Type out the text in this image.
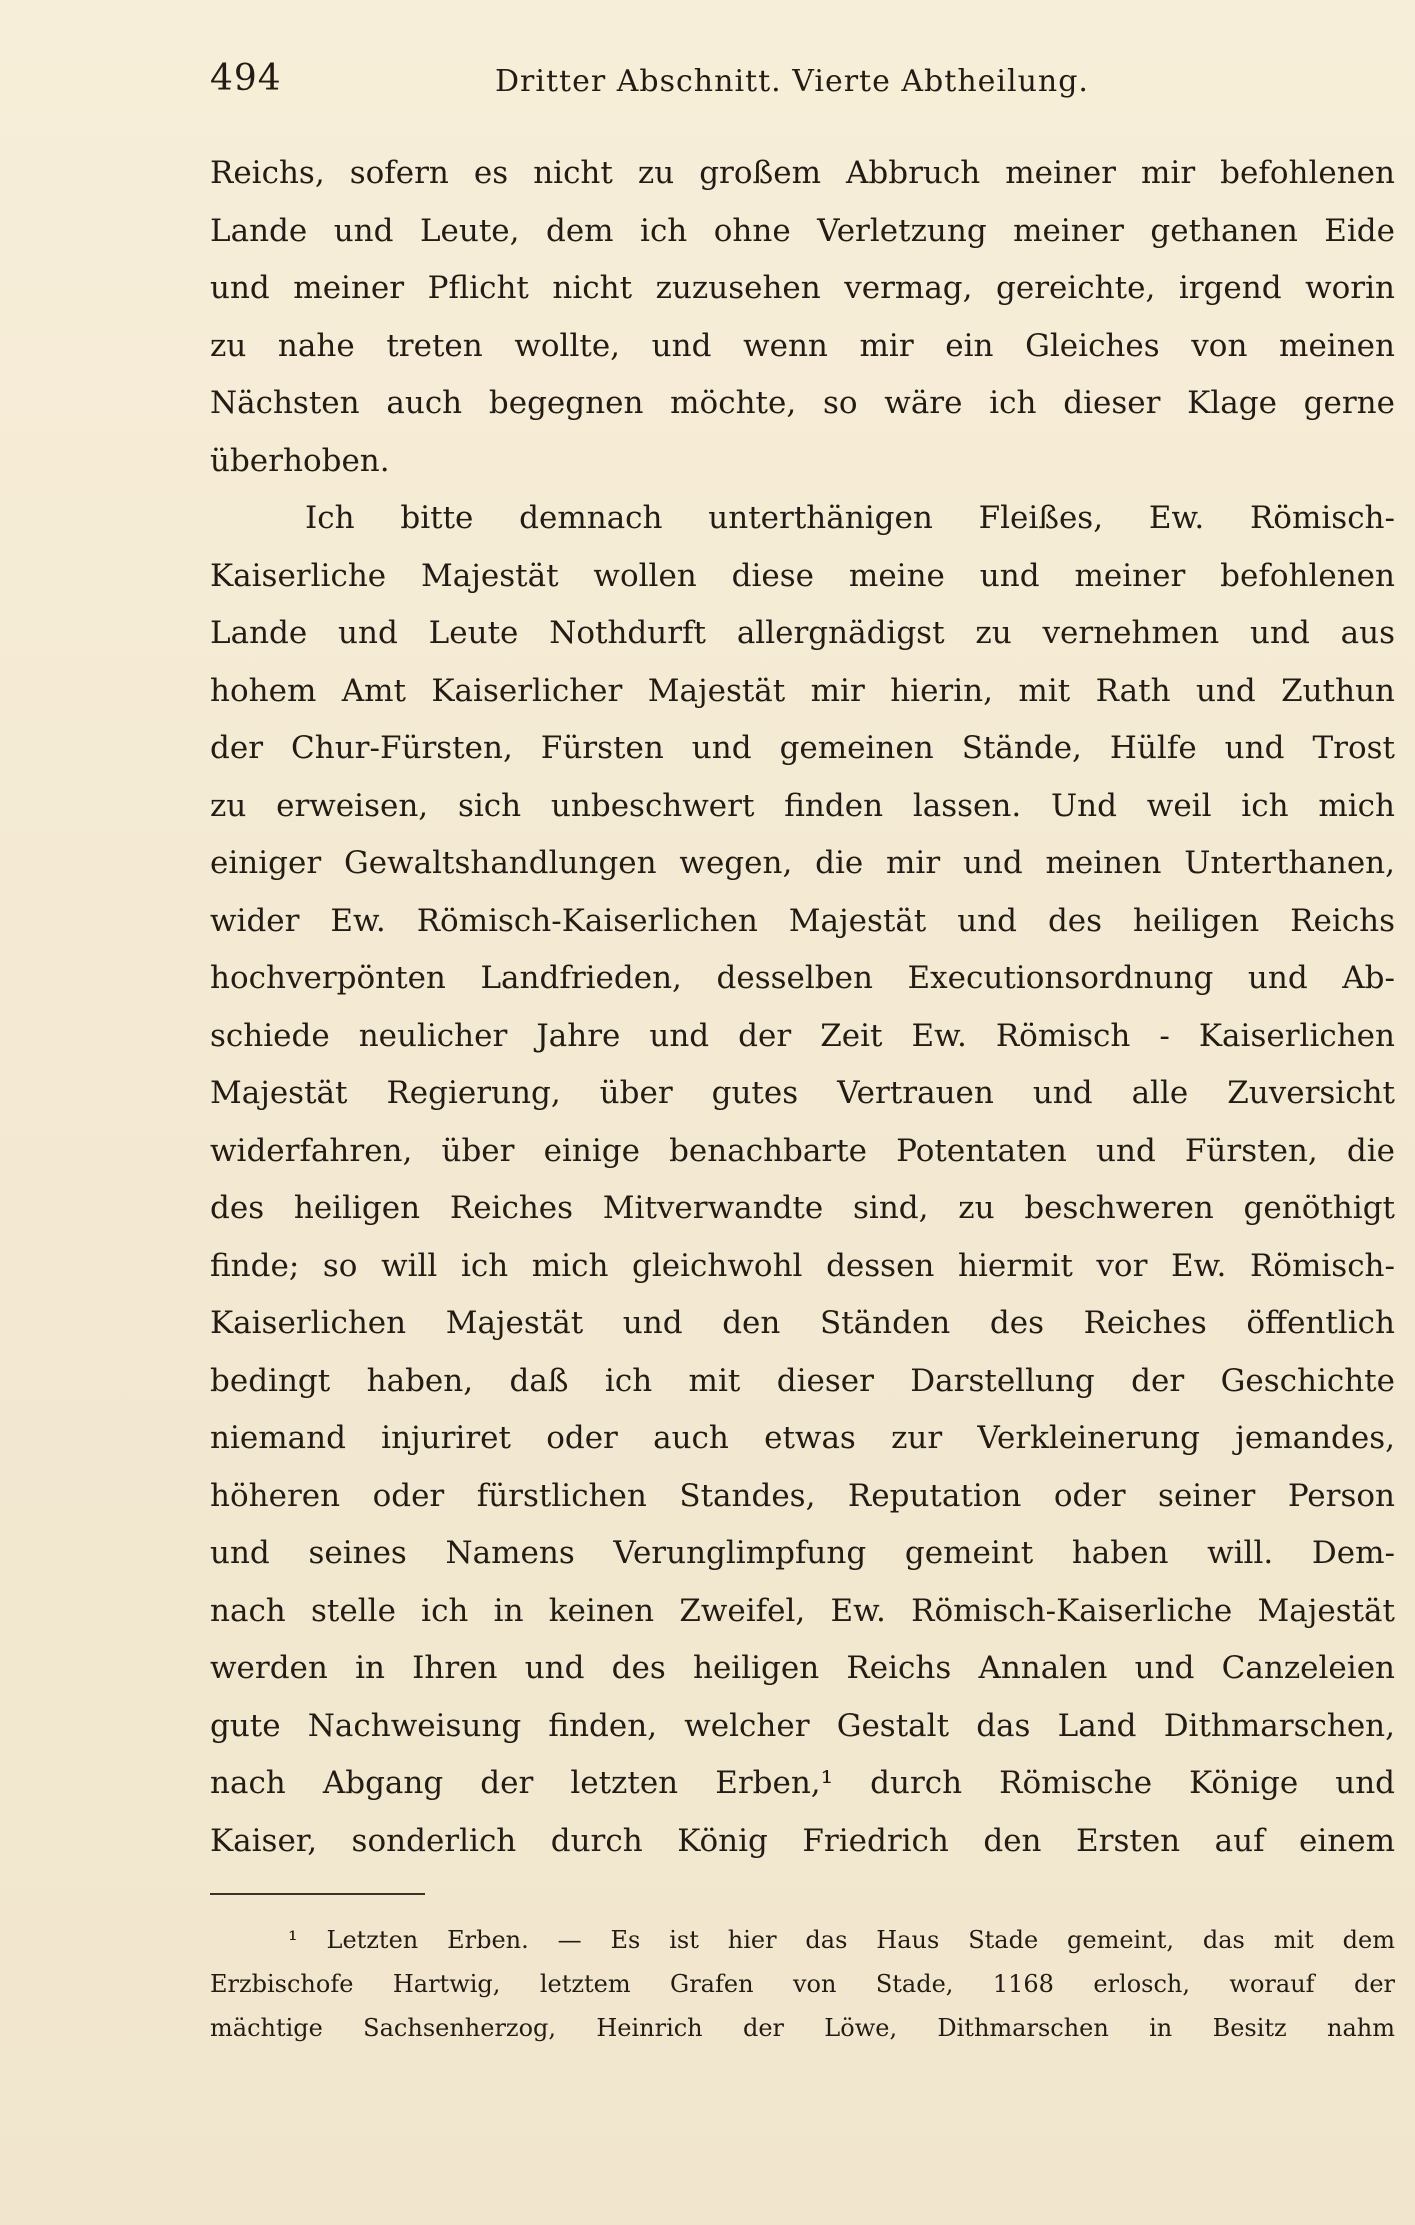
494	Dritter Abschnitt. Vierte Abtheilung.
Reichs, sofern es nicht zu großem Abbruch meiner mir befohlenen
Lande und Leute, dem ich ohne Verletzung meiner gethanen Eide
und meiner Pflicht nicht zuzusehen vermag, gereichte, irgend worin
zu nahe treten wollte, und wenn mir ein Gleiches von meinen
Nächsten auch begegnen möchte, so wäre ich dieser Klage gerne
überhoben.
Ich bitte demnach unterthänigen Fleißes, Ew. Römisch-
Kaiserliche Majestät wollen diese meine und meiner befohlenen
Lande und Leute Nothdurft allergnädigst zu vernehmen und aus
hohem Amt Kaiserlicher Majestät mir hierin, mit Rath und Zuthun
der Chur-Fürsten, Fürsten und gemeinen Stände, Hülfe und Trost
zu erweisen, sich unbeschwert finden lassen. Und weil ich mich
einiger Gewaltshandlungen wegen, die mir und meinen Unterthanen,
wider Ew. Römisch-Kaiserlichen Majestät und des heiligen Reichs
hochverpönten Landfrieden, desselben Executionsordnung und Ab-
schiede neulicher Jahre und der Zeit Ew. Römisch - Kaiserlichen
Majestät Regierung, über gutes Vertrauen und alle Zuversicht
widerfahren, über einige benachbarte Potentaten und Fürsten, die
des heiligen Reiches Mitverwandte sind, zu beschweren genöthigt
finde; so will ich mich gleichwohl dessen hiermit vor Ew. Römisch-
Kaiserlichen Majestät und den Ständen des Reiches öffentlich
bedingt haben, daß ich mit dieser Darstellung der Geschichte
niemand injuriret oder auch etwas zur Verkleinerung jemandes,
höheren oder fürstlichen Standes, Reputation oder seiner Person
und seines Namens Verunglimpfung gemeint haben will. Dem-
nach stelle ich in keinen Zweifel, Ew. Römisch-Kaiserliche Majestät
werden in Ihren und des heiligen Reichs Annalen und Canzeleien
gute Nachweisung finden, welcher Gestalt das Land Dithmarschen,
nach Abgang der letzten Erben,¹ durch Römische Könige und
Kaiser, sonderlich durch König Friedrich den Ersten auf einem
¹ Letzten Erben. — Es ist hier das Haus Stade gemeint, das mit dem
Erzbischofe Hartwig, letztem Grafen von Stade, 1168 erlosch, worauf der
mächtige Sachsenherzog, Heinrich der Löwe, Dithmarschen in Besitz nahm
